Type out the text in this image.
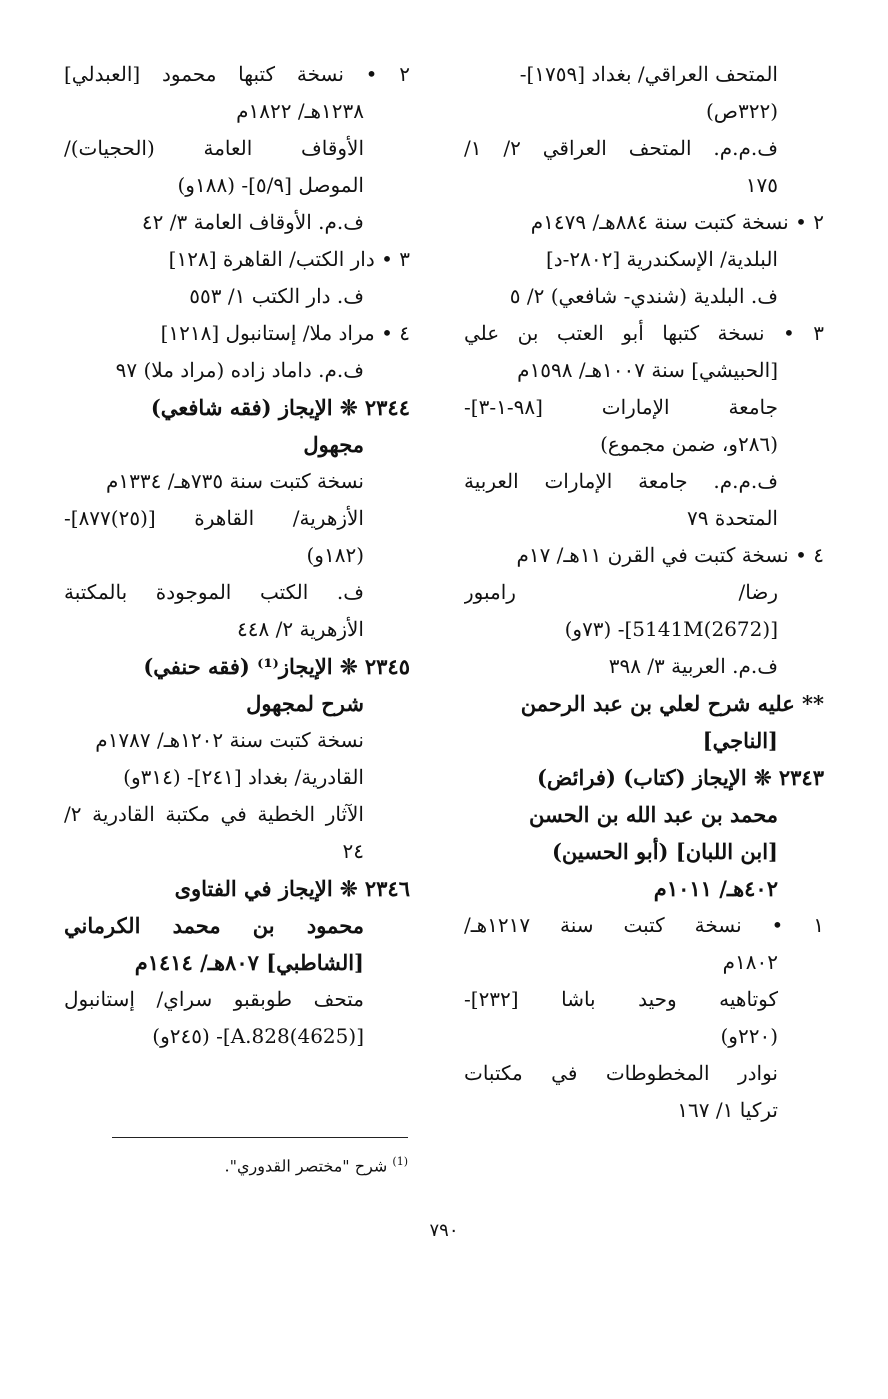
المتحف العراقي/ بغداد [١٧٥٩]-
(٣٢٢ص)
ف.م.م. المتحف العراقي ٢/ ١/
١٧٥
٢ • نسخة كتبت سنة ٨٨٤هـ/ ١٤٧٩م
البلدية/ الإسكندرية [٢٨٠٢-د]
ف. البلدية (شندي- شافعي) ٢/ ٥
٣ • نسخة كتبها أبو العتب بن علي
[الحبيشي] سنة ١٠٠٧هـ/ ١٥٩٨م
جامعة الإمارات [٩٨-١-٣]-
(٢٨٦و، ضمن مجموع)
ف.م.م. جامعة الإمارات العربية
المتحدة ٧٩
٤ • نسخة كتبت في القرن ١١هـ/ ١٧م
رضا/ رامبور
[(2672)5141M]- (٧٣و)
ف.م. العربية ٣/ ٣٩٨
** عليه شرح لعلي بن عبد الرحمن
[الناجي]
٢٣٤٣ ❊ الإيجاز (كتاب) (فرائض)
محمد بن عبد الله بن الحسن
[ابن اللبان] (أبو الحسين)
٤٠٢هـ/ ١٠١١م
١ • نسخة كتبت سنة ١٢١٧هـ/
١٨٠٢م
كوتاهيه وحيد باشا [٢٣٢]-
(٢٢٠و)
نوادر المخطوطات في مكتبات
تركيا ١/ ١٦٧
٢ • نسخة كتبها محمود [العبدلي]
١٢٣٨هـ/ ١٨٢٢م
الأوقاف العامة (الحجيات)/
الموصل [٥/٩]- (١٨٨و)
ف.م. الأوقاف العامة ٣/ ٤٢
٣ • دار الكتب/ القاهرة [١٢٨]
ف. دار الكتب ١/ ٥٥٣
٤ • مراد ملا/ إستانبول [١٢١٨]
ف.م. داماد زاده (مراد ملا) ٩٧
٢٣٤٤ ❊ الإيجاز (فقه شافعي)
مجهول
نسخة كتبت سنة ٧٣٥هـ/ ١٣٣٤م
الأزهرية/ القاهرة [(٢٥)٨٧٧]-
(١٨٢و)
ف. الكتب الموجودة بالمكتبة
الأزهرية ٢/ ٤٤٨
٢٣٤٥ ❊ الإيجاز⁽¹⁾ (فقه حنفي)
شرح لمجهول
نسخة كتبت سنة ١٢٠٢هـ/ ١٧٨٧م
القادرية/ بغداد [٢٤١]- (٣١٤و)
الآثار الخطية في مكتبة القادرية ٢/
٢٤
٢٣٤٦ ❊ الإيجاز في الفتاوى
محمود بن محمد الكرماني
[الشاطبي] ٨٠٧هـ/ ١٤١٤م
متحف طوبقبو سراي/ إستانبول
[A.828(4625)]- (٢٤٥و)
$^{(1)}$ شرح "مختصر القدوري".
٧٩٠
